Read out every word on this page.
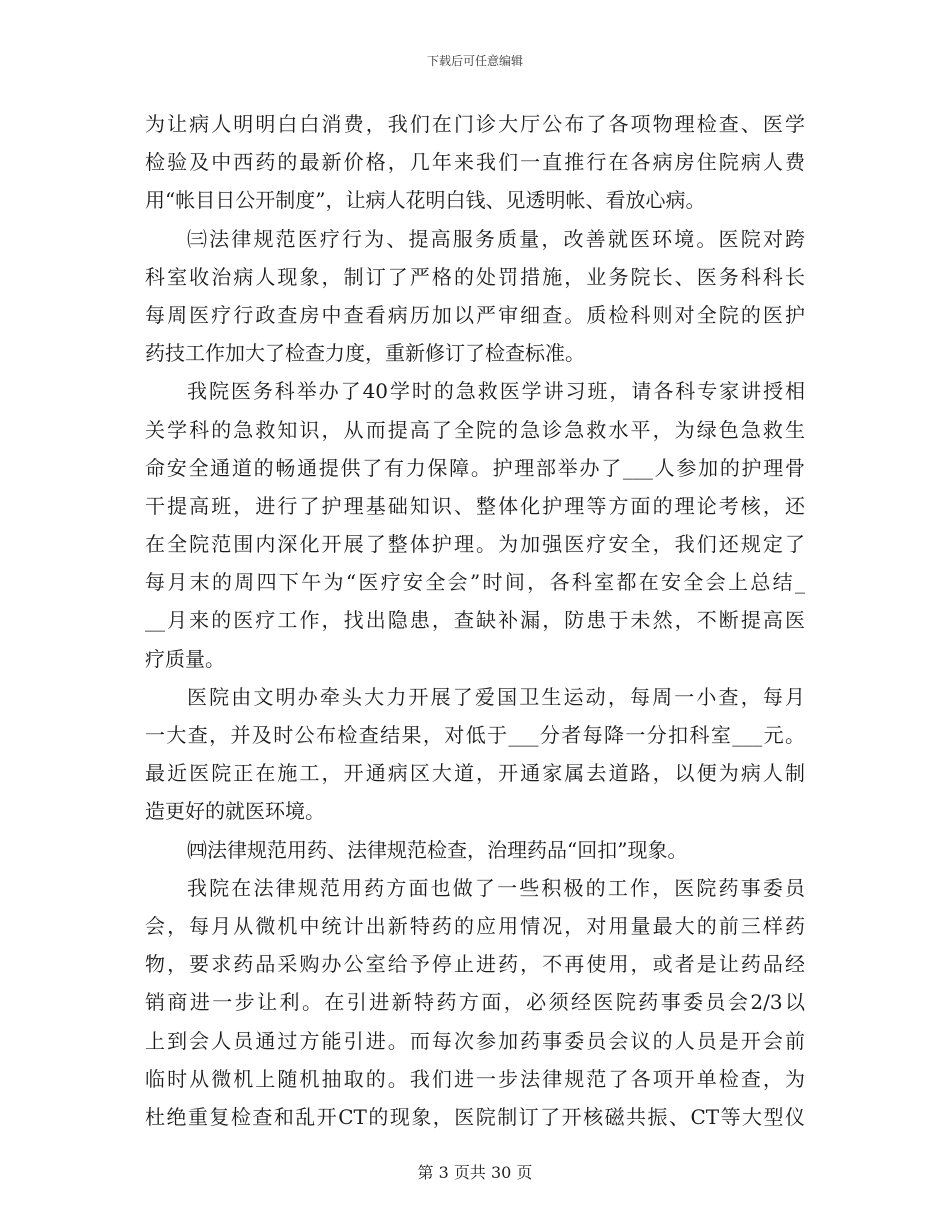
下载后可任意编辑
为让病人明明白白消费，我们在门诊大厅公布了各项物理检查、医学
检验及中西药的最新价格，几年来我们一直推行在各病房住院病人费
用“帐目日公开制度”，让病人花明白钱、见透明帐、看放心病。
㈢法律规范医疗行为、提高服务质量，改善就医环境。医院对跨
科室收治病人现象，制订了严格的处罚措施，业务院长、医务科科长
每周医疗行政查房中查看病历加以严审细查。质检科则对全院的医护
药技工作加大了检查力度，重新修订了检查标准。
我院医务科举办了40学时的急救医学讲习班，请各科专家讲授相
关学科的急救知识，从而提高了全院的急诊急救水平，为绿色急救生
命安全通道的畅通提供了有力保障。护理部举办了___人参加的护理骨
干提高班，进行了护理基础知识、整体化护理等方面的理论考核，还
在全院范围内深化开展了整体护理。为加强医疗安全，我们还规定了
每月末的周四下午为“医疗安全会”时间，各科室都在安全会上总结_
__月来的医疗工作，找出隐患，查缺补漏，防患于未然，不断提高医
疗质量。
医院由文明办牵头大力开展了爱国卫生运动，每周一小查，每月
一大查，并及时公布检查结果，对低于___分者每降一分扣科室___元。
最近医院正在施工，开通病区大道，开通家属去道路，以便为病人制
造更好的就医环境。
㈣法律规范用药、法律规范检查，治理药品“回扣”现象。
我院在法律规范用药方面也做了一些积极的工作，医院药事委员
会，每月从微机中统计出新特药的应用情况，对用量最大的前三样药
物，要求药品采购办公室给予停止进药，不再使用，或者是让药品经
销商进一步让利。在引进新特药方面，必须经医院药事委员会2/3以
上到会人员通过方能引进。而每次参加药事委员会议的人员是开会前
临时从微机上随机抽取的。我们进一步法律规范了各项开单检查，为
杜绝重复检查和乱开CT的现象，医院制订了开核磁共振、CT等大型仪
第 3 页共 30 页
